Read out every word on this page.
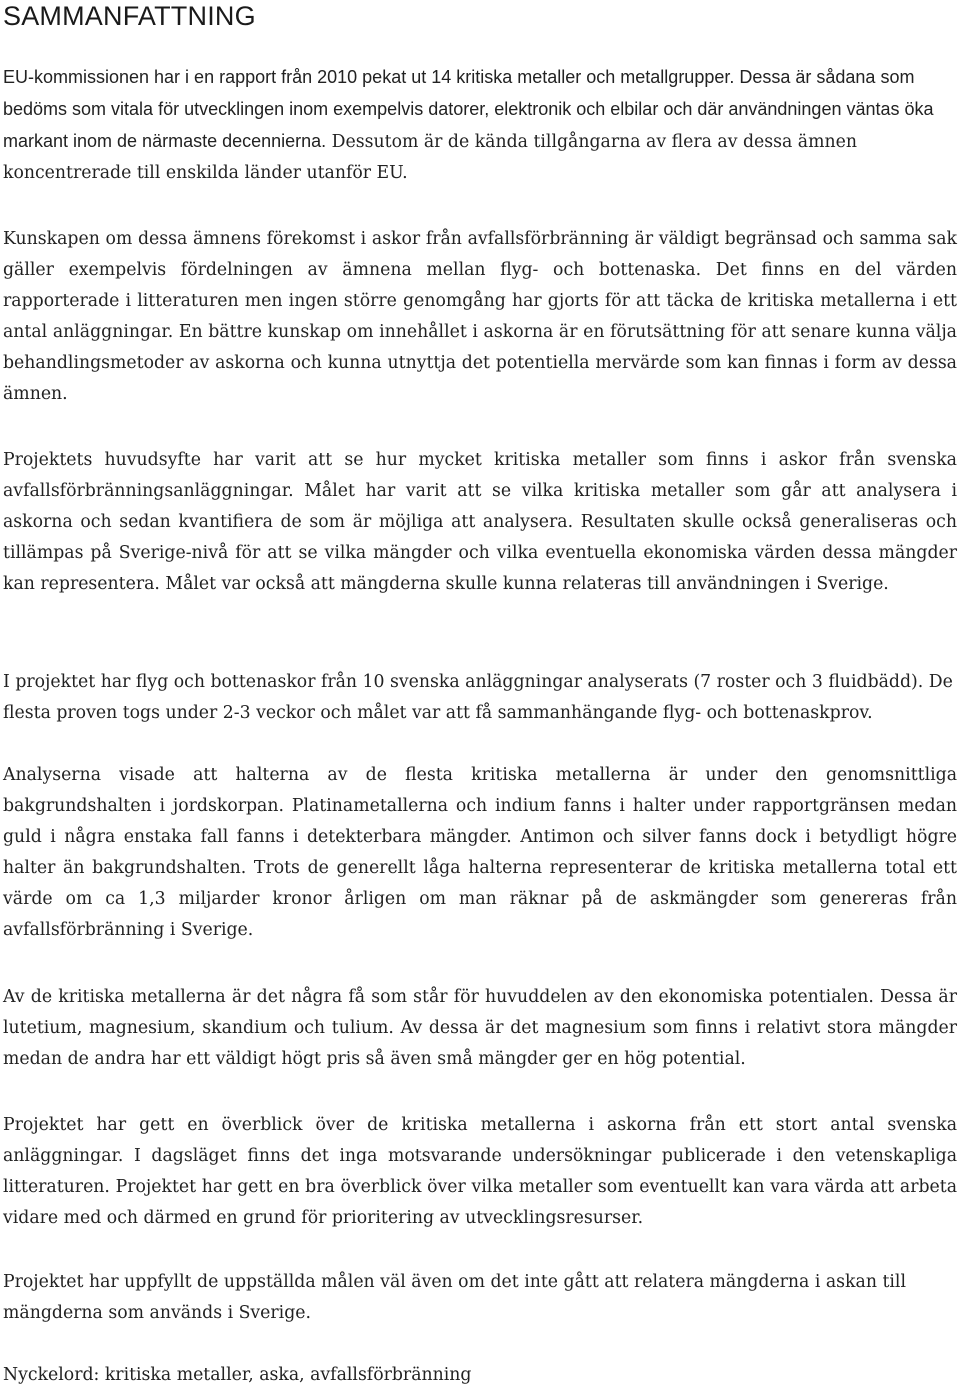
SAMMANFATTNING

EU-kommissionen har i en rapport från 2010 pekat ut 14 kritiska metaller och metallgrupper. Dessa är sådana som bedöms som vitala för utvecklingen inom exempelvis datorer, elektronik och elbilar och där användningen väntas öka markant inom de närmaste decennierna. Dessutom är de kända tillgångarna av flera av dessa ämnen koncentrerade till enskilda länder utanför EU.

Kunskapen om dessa ämnens förekomst i askor från avfallsförbränning är väldigt begränsad och samma sak gäller exempelvis fördelningen av ämnena mellan flyg- och bottenaska. Det finns en del värden rapporterade i litteraturen men ingen större genomgång har gjorts för att täcka de kritiska metallerna i ett antal anläggningar. En bättre kunskap om innehållet i askorna är en förutsättning för att senare kunna välja behandlingsmetoder av askorna och kunna utnyttja det potentiella mervärde som kan finnas i form av dessa ämnen.

Projektets huvudsyfte har varit att se hur mycket kritiska metaller som finns i askor från svenska avfallsförbränningsanläggningar. Målet har varit att se vilka kritiska metaller som går att analysera i askorna och sedan kvantifiera de som är möjliga att analysera. Resultaten skulle också generaliseras och tillämpas på Sverige-nivå för att se vilka mängder och vilka eventuella ekonomiska värden dessa mängder kan representera. Målet var också att mängderna skulle kunna relateras till användningen i Sverige.

I projektet har flyg och bottenaskor från 10 svenska anläggningar analyserats (7 roster och 3 fluidbädd). De flesta proven togs under 2-3 veckor och målet var att få sammanhängande flyg- och bottenaskprov.

Analyserna visade att halterna av de flesta kritiska metallerna är under den genomsnittliga bakgrundshalten i jordskorpan. Platinametallerna och indium fanns i halter under rapportgränsen medan guld i några enstaka fall fanns i detekterbara mängder. Antimon och silver fanns dock i betydligt högre halter än bakgrundshalten. Trots de generellt låga halterna representerar de kritiska metallerna total ett värde om ca 1,3 miljarder kronor årligen om man räknar på de askmängder som genereras från avfallsförbränning i Sverige.

Av de kritiska metallerna är det några få som står för huvuddelen av den ekonomiska potentialen. Dessa är lutetium, magnesium, skandium och tulium. Av dessa är det magnesium som finns i relativt stora mängder medan de andra har ett väldigt högt pris så även små mängder ger en hög potential.

Projektet har gett en överblick över de kritiska metallerna i askorna från ett stort antal svenska anläggningar. I dagsläget finns det inga motsvarande undersökningar publicerade i den vetenskapliga litteraturen. Projektet har gett en bra överblick över vilka metaller som eventuellt kan vara värda att arbeta vidare med och därmed en grund för prioritering av utvecklingsresurser.

Projektet har uppfyllt de uppställda målen väl även om det inte gått att relatera mängderna i askan till mängderna som används i Sverige.

Nyckelord: kritiska metaller, aska, avfallsförbränning
